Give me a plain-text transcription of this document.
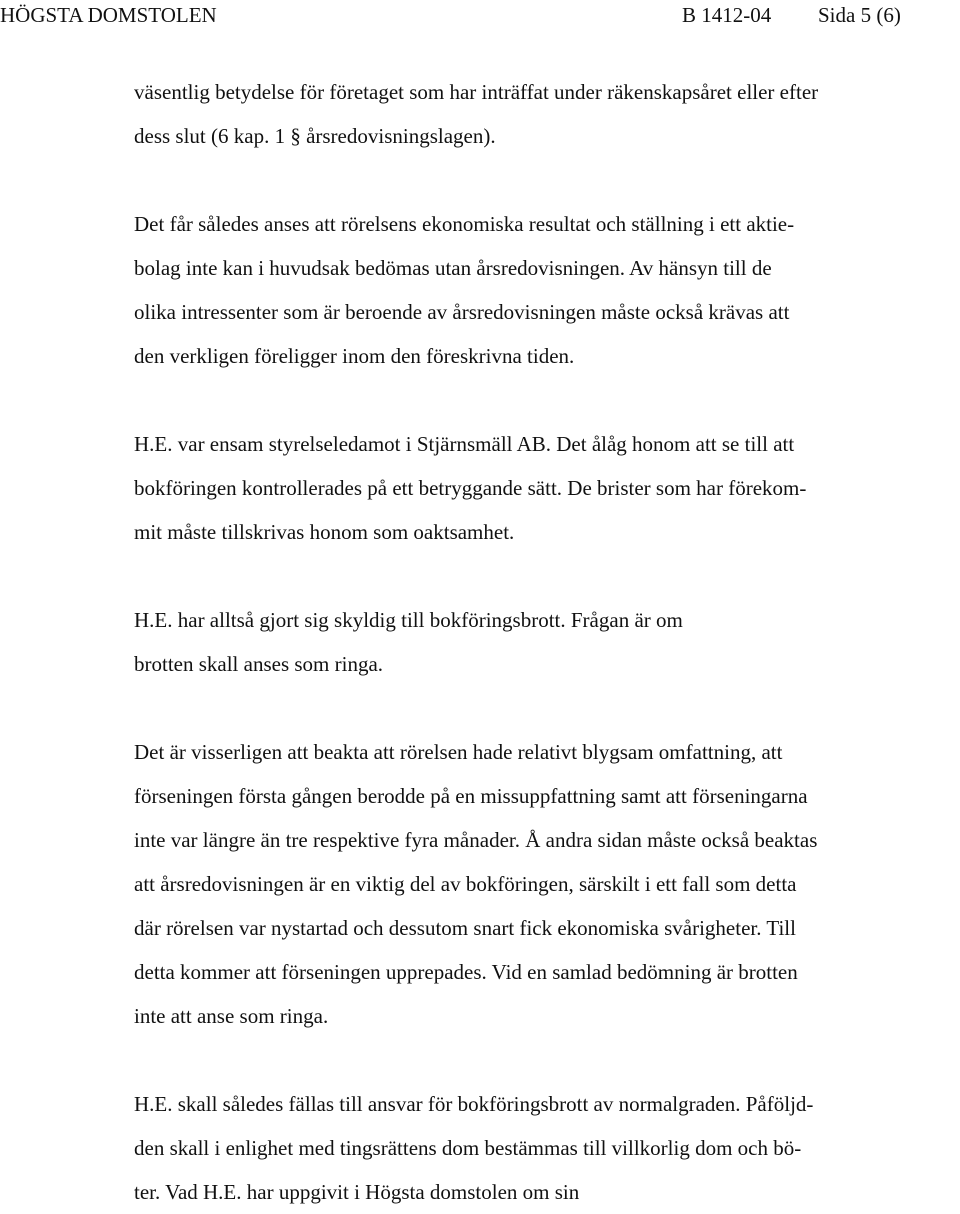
HÖGSTA DOMSTOLEN	B 1412-04 Sida 5 (6)

väsentlig betydelse för företaget som har inträffat under räkenskapsåret eller efter
dess slut (6 kap. 1 § årsredovisningslagen).

Det får således anses att rörelsens ekonomiska resultat och ställning i ett aktie-
bolag inte kan i huvudsak bedömas utan årsredovisningen. Av hänsyn till de
olika intressenter som är beroende av årsredovisningen måste också krävas att
den verkligen föreligger inom den föreskrivna tiden.

H.E. var ensam styrelseledamot i Stjärnsmäll AB. Det ålåg honom att se till att
bokföringen kontrollerades på ett betryggande sätt. De brister som har förekom-
mit måste tillskrivas honom som oaktsamhet.

H.E. har alltså gjort sig skyldig till bokföringsbrott. Frågan är om
brotten skall anses som ringa.

Det är visserligen att beakta att rörelsen hade relativt blygsam omfattning, att
förseningen första gången berodde på en missuppfattning samt att förseningarna
inte var längre än tre respektive fyra månader. Å andra sidan måste också beaktas
att årsredovisningen är en viktig del av bokföringen, särskilt i ett fall som detta
där rörelsen var nystartad och dessutom snart fick ekonomiska svårigheter. Till
detta kommer att förseningen upprepades. Vid en samlad bedömning är brotten
inte att anse som ringa.

H.E. skall således fällas till ansvar för bokföringsbrott av normalgraden. Påföljd-
den skall i enlighet med tingsrättens dom bestämmas till villkorlig dom och bö-
ter. Vad H.E. har uppgivit i Högsta domstolen om sin
